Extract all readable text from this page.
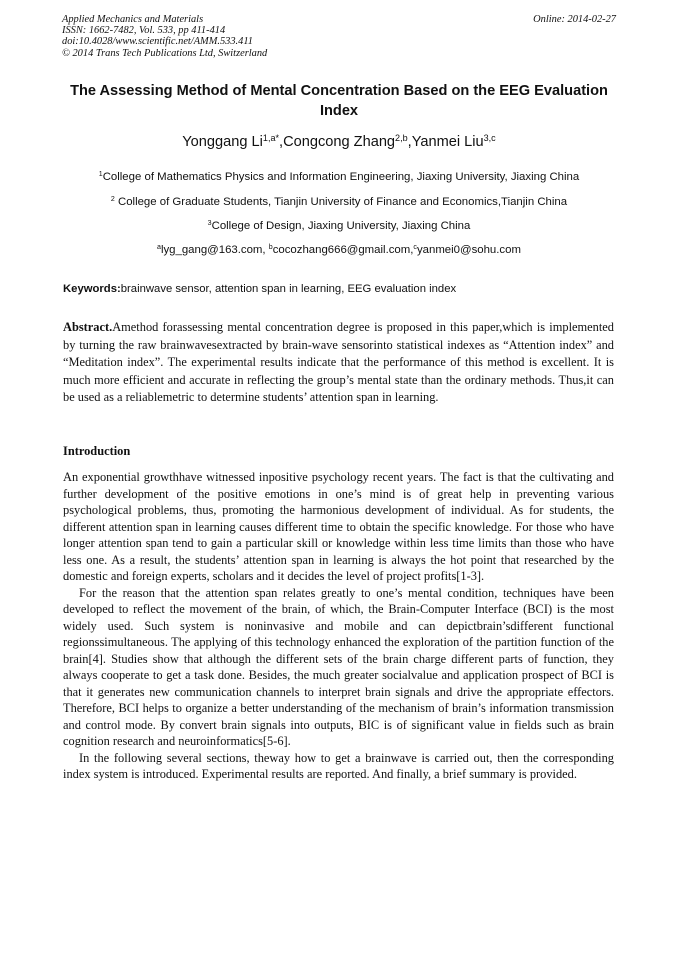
Applied Mechanics and Materials
ISSN: 1662-7482, Vol. 533, pp 411-414
doi:10.4028/www.scientific.net/AMM.533.411
© 2014 Trans Tech Publications Ltd, Switzerland
Online: 2014-02-27
The Assessing Method of Mental Concentration Based on the EEG Evaluation Index
Yonggang $Li^{1,a*},Congcong$ Zhang$^{2,b}$,Yanmei Liu$^{3,c}$
$^1$College of Mathematics Physics and Information Engineering, Jiaxing University, Jiaxing China
$^2$ College of Graduate Students, Tianjin University of Finance and Economics,Tianjin China
$^3$College of Design, Jiaxing University, Jiaxing China
$^a$lyg_gang@163.com, $^b$cocozhang666@gmail.com,$^c$yanmei0@sohu.com
Keywords:brainwave sensor, attention span in learning, EEG evaluation index
Abstract.Amethod forassessing mental concentration degree is proposed in this paper,which is implemented by turning the raw brainwavesextracted by brain-wave sensorinto statistical indexes as “Attention index” and “Meditation index”. The experimental results indicate that the performance of this method is excellent. It is much more efficient and accurate in reflecting the group’s mental state than the ordinary methods. Thus,it can be used as a reliablemetric to determine students’ attention span in learning.
Introduction

An exponential growthhave witnessed inpositive psychology recent years. The fact is that the cultivating and further development of the positive emotions in one’s mind is of great help in preventing various psychological problems, thus, promoting the harmonious development of individual. As for students, the different attention span in learning causes different time to obtain the specific knowledge. For those who have longer attention span tend to gain a particular skill or knowledge within less time limits than those who have less one. As a result, the students’ attention span in learning is always the hot point that researched by the domestic and foreign experts, scholars and it decides the level of project profits[1-3].

For the reason that the attention span relates greatly to one’s mental condition, techniques have been developed to reflect the movement of the brain, of which, the Brain-Computer Interface (BCI) is the most widely used. Such system is noninvasive and mobile and can depictbrain’sdifferent functional regionssimultaneous. The applying of this technology enhanced the exploration of the partition function of the brain[4]. Studies show that although the different sets of the brain charge different parts of function, they always cooperate to get a task done. Besides, the much greater socialvalue and application prospect of BCI is that it generates new communication channels to interpret brain signals and drive the appropriate effectors. Therefore, BCI helps to organize a better understanding of the mechanism of brain’s information transmission and control mode. By convert brain signals into outputs, BIC is of significant value in fields such as brain cognition research and neuroinformatics[5-6].

In the following several sections, theway how to get a brainwave is carried out, then the corresponding index system is introduced. Experimental results are reported. And finally, a brief summary is provided.
